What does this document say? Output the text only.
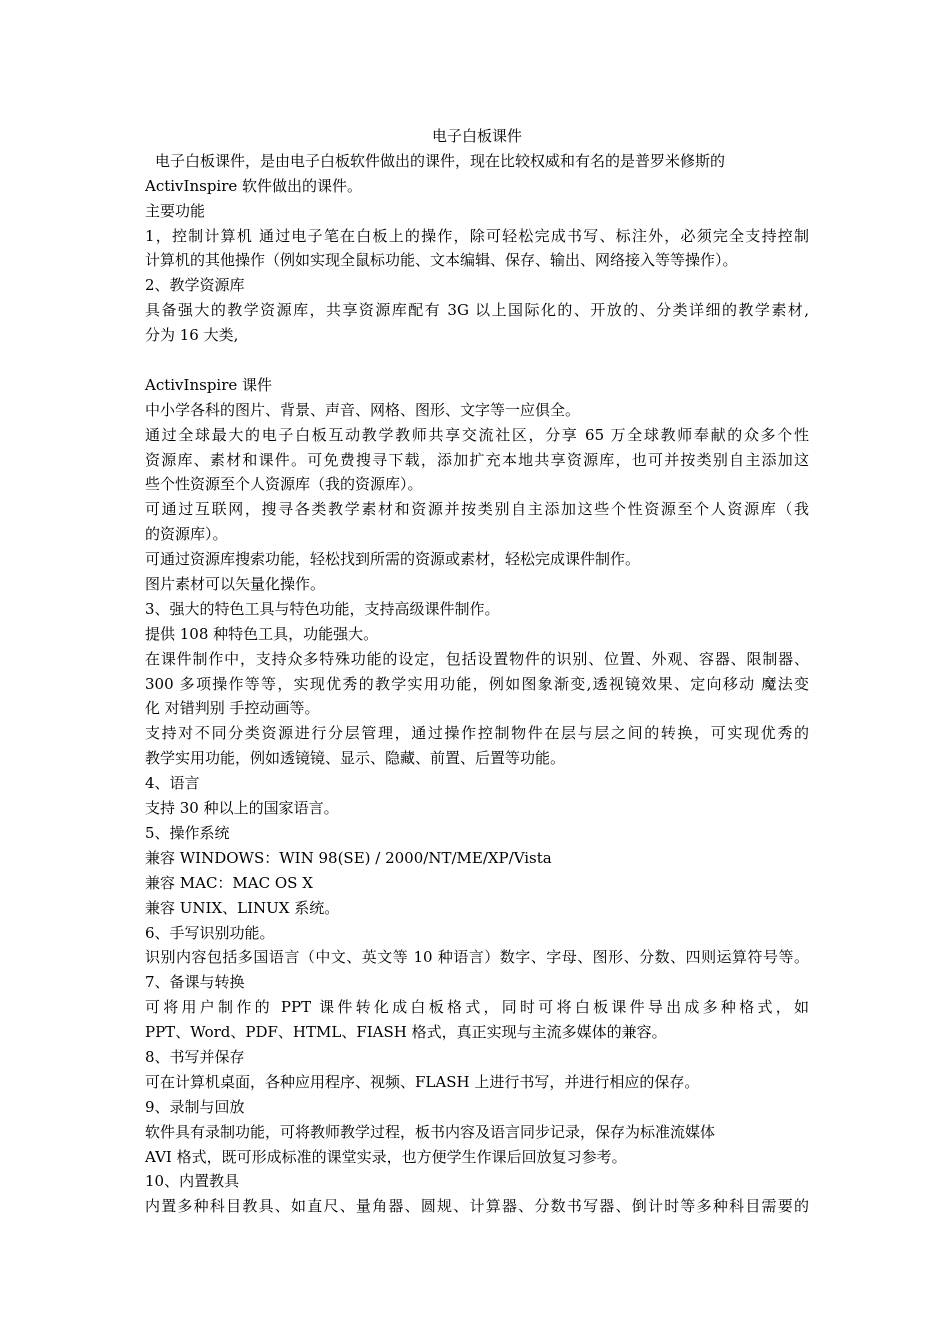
电子白板课件
电子白板课件，是由电子白板软件做出的课件，现在比较权威和有名的是普罗米修斯的
ActivInspire 软件做出的课件。
主要功能
1，控制计算机 通过电子笔在白板上的操作，除可轻松完成书写、标注外，必须完全支持控制
计算机的其他操作（例如实现全鼠标功能、文本编辑、保存、输出、网络接入等等操作）。
2、教学资源库
具备强大的教学资源库，共享资源库配有 3G 以上国际化的、开放的、分类详细的教学素材,
分为 16 大类,
ActivInspire 课件
中小学各科的图片、背景、声音、网格、图形、文字等一应俱全。
通过全球最大的电子白板互动教学教师共享交流社区，分享 65 万全球教师奉献的众多个性
资源库、素材和课件。可免费搜寻下载，添加扩充本地共享资源库，也可并按类别自主添加这
些个性资源至个人资源库（我的资源库）。
可通过互联网，搜寻各类教学素材和资源并按类别自主添加这些个性资源至个人资源库（我
的资源库）。
可通过资源库搜索功能，轻松找到所需的资源或素材，轻松完成课件制作。
图片素材可以矢量化操作。
3、强大的特色工具与特色功能，支持高级课件制作。
提供 108 种特色工具，功能强大。
在课件制作中，支持众多特殊功能的设定，包括设置物件的识别、位置、外观、容器、限制器、
300 多项操作等等，实现优秀的教学实用功能，例如图象渐变,透视镜效果、定向移动 魔法变
化 对错判别 手控动画等。
支持对不同分类资源进行分层管理，通过操作控制物件在层与层之间的转换，可实现优秀的
教学实用功能，例如透镜镜、显示、隐藏、前置、后置等功能。
4、语言
支持 30 种以上的国家语言。
5、操作系统
兼容 WINDOWS：WIN 98(SE) / 2000/NT/ME/XP/Vista
兼容 MAC：MAC OS X
兼容 UNIX、LINUX 系统。
6、手写识别功能。
识别内容包括多国语言（中文、英文等 10 种语言）数字、字母、图形、分数、四则运算符号等。
7、备课与转换
可将用户制作的 PPT 课件转化成白板格式，同时可将白板课件导出成多种格式，如
PPT、Word、PDF、HTML、FIASH 格式，真正实现与主流多媒体的兼容。
8、书写并保存
可在计算机桌面，各种应用程序、视频、FLASH 上进行书写，并进行相应的保存。
9、录制与回放
软件具有录制功能，可将教师教学过程，板书内容及语言同步记录，保存为标准流媒体
AVI 格式，既可形成标准的课堂实录，也方便学生作课后回放复习参考。
10、内置教具
内置多种科目教具、如直尺、量角器、圆规、计算器、分数书写器、倒计时等多种科目需要的
